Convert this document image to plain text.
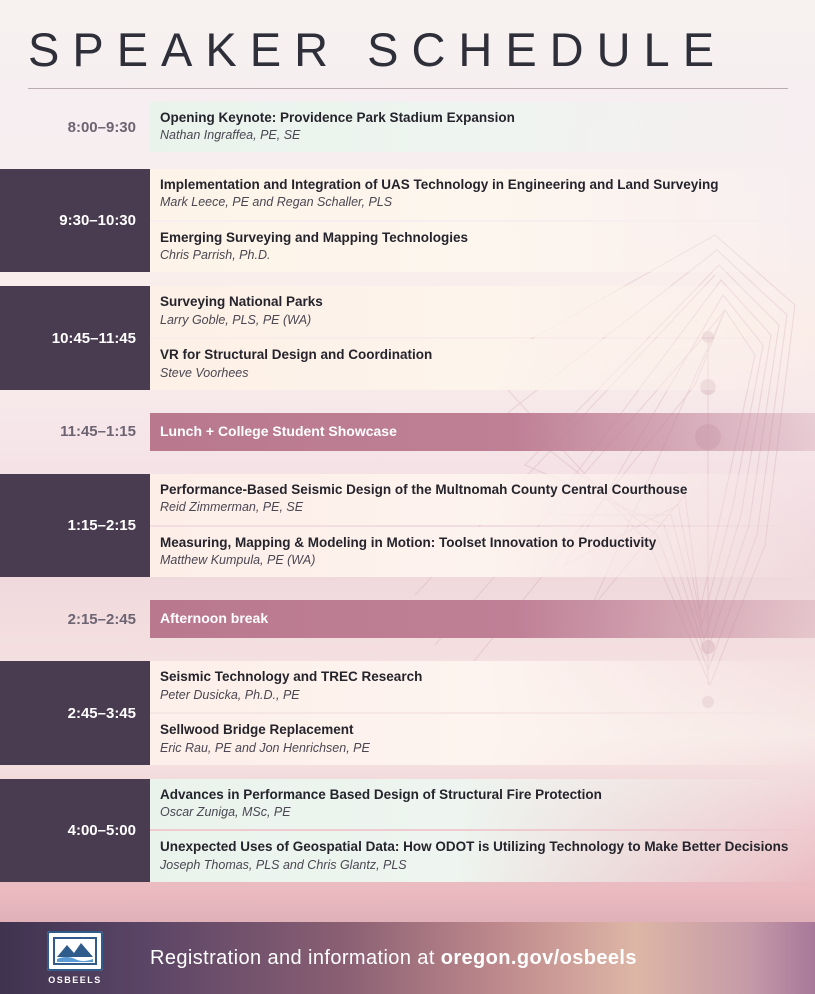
SPEAKER SCHEDULE
8:00–9:30
Opening Keynote: Providence Park Stadium Expansion
Nathan Ingraffea, PE, SE
9:30–10:30
Implementation and Integration of UAS Technology in Engineering and Land Surveying
Mark Leece, PE and Regan Schaller, PLS
Emerging Surveying and Mapping Technologies
Chris Parrish, Ph.D.
10:45–11:45
Surveying National Parks
Larry Goble, PLS, PE (WA)
VR for Structural Design and Coordination
Steve Voorhees
11:45–1:15	Lunch + College Student Showcase
1:15–2:15
Performance-Based Seismic Design of the Multnomah County Central Courthouse
Reid Zimmerman, PE, SE
Measuring, Mapping & Modeling in Motion: Toolset Innovation to Productivity
Matthew Kumpula, PE (WA)
2:15–2:45	Afternoon break
2:45–3:45
Seismic Technology and TREC Research
Peter Dusicka, Ph.D., PE
Sellwood Bridge Replacement
Eric Rau, PE and Jon Henrichsen, PE
4:00–5:00
Advances in Performance Based Design of Structural Fire Protection
Oscar Zuniga, MSc, PE
Unexpected Uses of Geospatial Data: How ODOT is Utilizing Technology to Make Better Decisions
Joseph Thomas, PLS and Chris Glantz, PLS
OSBEELS
Registration and information at oregon.gov/osbeels
